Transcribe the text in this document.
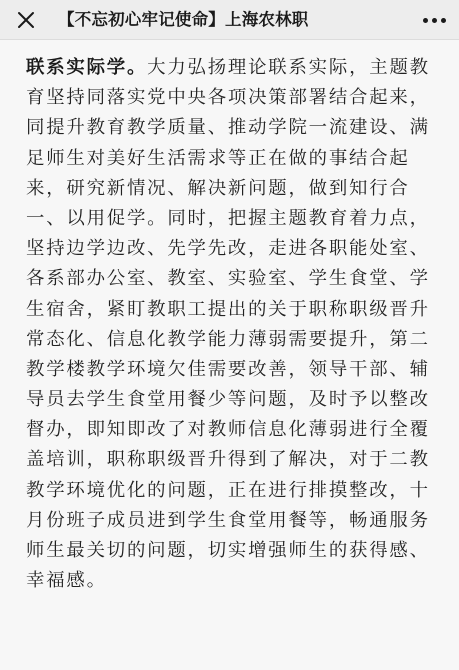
【不忘初心牢记使命】上海农林职
联系实际学。大力弘扬理论联系实际，主题教
育坚持同落实党中央各项决策部署结合起来，
同提升教育教学质量、推动学院一流建设、满
足师生对美好生活需求等正在做的事结合起
来，研究新情况、解决新问题，做到知行合
一、以用促学。同时，把握主题教育着力点，
坚持边学边改、先学先改，走进各职能处室、
各系部办公室、教室、实验室、学生食堂、学
生宿舍，紧盯教职工提出的关于职称职级晋升
常态化、信息化教学能力薄弱需要提升，第二
教学楼教学环境欠佳需要改善，领导干部、辅
导员去学生食堂用餐少等问题，及时予以整改
督办，即知即改了对教师信息化薄弱进行全覆
盖培训，职称职级晋升得到了解决，对于二教
教学环境优化的问题，正在进行排摸整改，十
月份班子成员进到学生食堂用餐等，畅通服务
师生最关切的问题，切实增强师生的获得感、
幸福感。
